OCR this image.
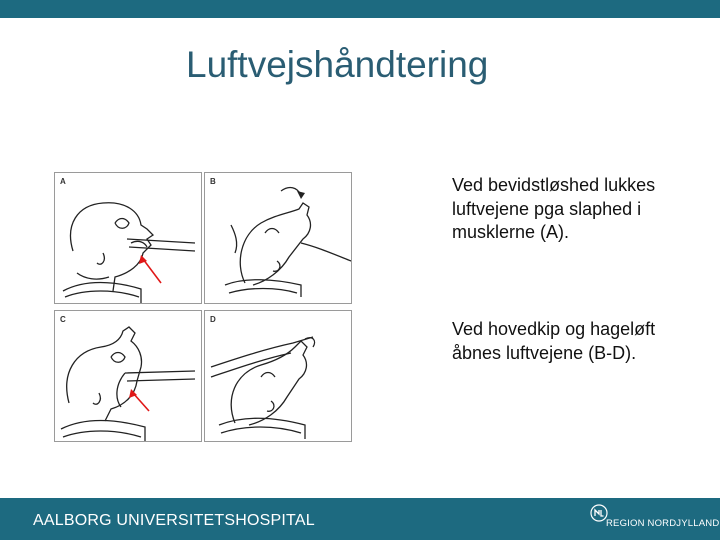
Luftvejshåndtering
A	B
C	D
Ved bevidstløshed lukkes luftvejene pga slaphed i musklerne (A).
Ved hovedkip og hageløft åbnes luftvejene (B-D).
AALBORG UNIVERSITETSHOSPITAL	REGION NORDJYLLAND
